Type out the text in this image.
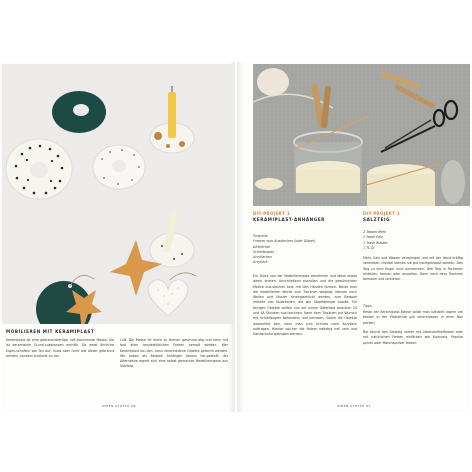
MOBILIEREN MIT KERAMIPLAST
Keramiplast ist eine gebrauchsfertige, luft-trocknende Masse. Sie ist keramische Grund-substanzen enthält. Sie weist ähnliche Eigen-schaften wie Ton auf, muss aber nicht wie dieser gebrannt werden, sondern trocknet an der
Luft. Die Masse ist leicht zu formen geschme-idig und kann mit fast allen handelsüblichen Farben bemalt werden. Wer Keramiplast bin-den, kann verschiedene Objekte geformt werden. Wir haben als Beispiel Anhänger daraus her-gestellt. Als Alternative eignet sich eine selbst gemachte Modelliermasse aus Salzteig.
IDEEN STOFFE 96
DIY-PROJEKT 1
KERAMIPLAST-ANHÄNGER
Tongrolle
Formen zum Ausstechen (oder Gläser)
Gittertrost
Schleifpapier
Acrylfarben
Acryllack
Ein Stück von der Modelliermasse abnehmen und diese etwas weich kneten. Anschließend ausrollen und die gewünschten Motive aus-stechen bzw. mit den Händen formen. Bevor man die modellierten Werke zum Trocknen weglegt, können noch Wellen und Muster hineingedrückt werden, zum Beispiel mithilfe von Nudelrollen, die wie Stopfstempel ausdie. Für fertigen Objekte sollten nun auf einem Gittertost zwischen 24 und 48 Stunden aus-trocknen. Nach dem Trocknen auf Wunsch mit Schleifpapier behandeln und bemalen. Sollen die Objekte wasserfest sein, kann man zum Schluss noch Acryllack auftragen. Hierbei soll-ten die Farben beliebig hell sein und Handschuhe getragen werden.
DIY-PROJEKT 2
SALZTEIG
2 Tassen Mehl
1 Tasse Salz
1 Tasse Wasser
1 TL Öl
Mehl, Salz und Wasser vermengen und mit der Hand kräftig verkneten. Hierbei können sie gut hochgeklappt werden. Den Teig zu eine Kugel rund ausmachen. Den Teig in Portionen einteilen, formen oder ausrollen. Dann nach dem Trocknen bemalen und lackieren.
Tipps
Reste der Keramiplast-Masse sollte man luftdicht lagern am besten in der Plastiktüte gut verschlossen in einer Box packen.
Bei kannst den Salzteig vorher mit Lebensmittelfarben oder mit natürlichen Farben einfärben wie Kurkuma, Paprika pulver oder Matchapulver färben.
IDEEN STOFFE 97
